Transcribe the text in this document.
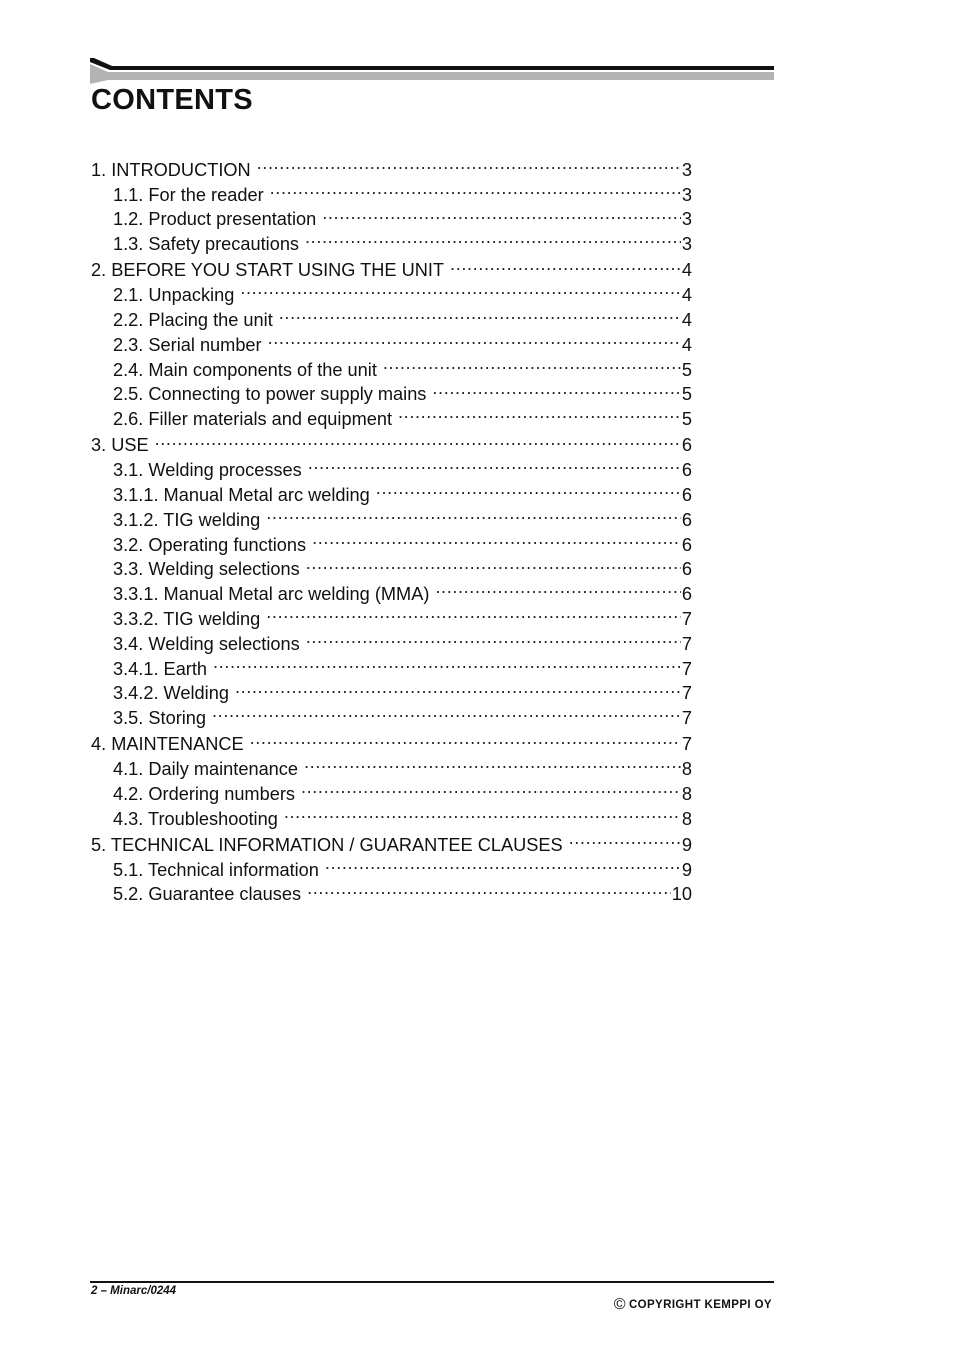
CONTENTS
1. INTRODUCTION .....	3
1.1. For the reader .....	3
1.2. Product presentation .....	3
1.3. Safety precautions .....	3
2. BEFORE YOU START USING THE UNIT .....	4
2.1. Unpacking .....	4
2.2. Placing the unit .....	4
2.3. Serial number .....	4
2.4. Main components of the unit .....	5
2.5. Connecting to power supply mains .....	5
2.6. Filler materials and equipment .....	5
3. USE .....	6
3.1. Welding processes .....	6
3.1.1. Manual Metal arc welding .....	6
3.1.2. TIG welding .....	6
3.2. Operating functions .....	6
3.3. Welding selections .....	6
3.3.1. Manual Metal arc welding (MMA) .....	6
3.3.2. TIG welding .....	7
3.4. Welding selections .....	7
3.4.1. Earth .....	7
3.4.2. Welding .....	7
3.5. Storing .....	7
4. MAINTENANCE .....	7
4.1. Daily maintenance .....	8
4.2. Ordering numbers .....	8
4.3. Troubleshooting .....	8
5. TECHNICAL INFORMATION / GUARANTEE CLAUSES .....	9
5.1. Technical information .....	9
5.2. Guarantee clauses .....	10
2 – Minarc/0244
© COPYRIGHT KEMPPI OY
